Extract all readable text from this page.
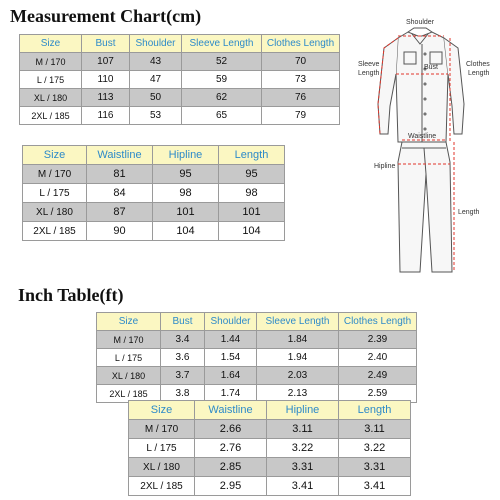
Measurement Chart(cm)
Size	Bust	Shoulder	Sleeve Length	Clothes Length
M / 170	107	43	52	70
L / 175	110	47	59	73
XL / 180	113	50	62	76
2XL / 185	116	53	65	79
Size	Waistline	Hipline	Length
M / 170	81	95	95
L / 175	84	98	98
XL / 180	87	101	101
2XL / 185	90	104	104
Shoulder
Bust
Sleeve
Length
Clothes
Length
Waistline
Hipline
Length
Inch Table(ft)
Size	Bust	Shoulder	Sleeve Length	Clothes Length
M / 170	3.4	1.44	1.84	2.39
L / 175	3.6	1.54	1.94	2.40
XL / 180	3.7	1.64	2.03	2.49
2XL / 185	3.8	1.74	2.13	2.59
Size	Waistline	Hipline	Length
M / 170	2.66	3.11	3.11
L / 175	2.76	3.22	3.22
XL / 180	2.85	3.31	3.31
2XL / 185	2.95	3.41	3.41
